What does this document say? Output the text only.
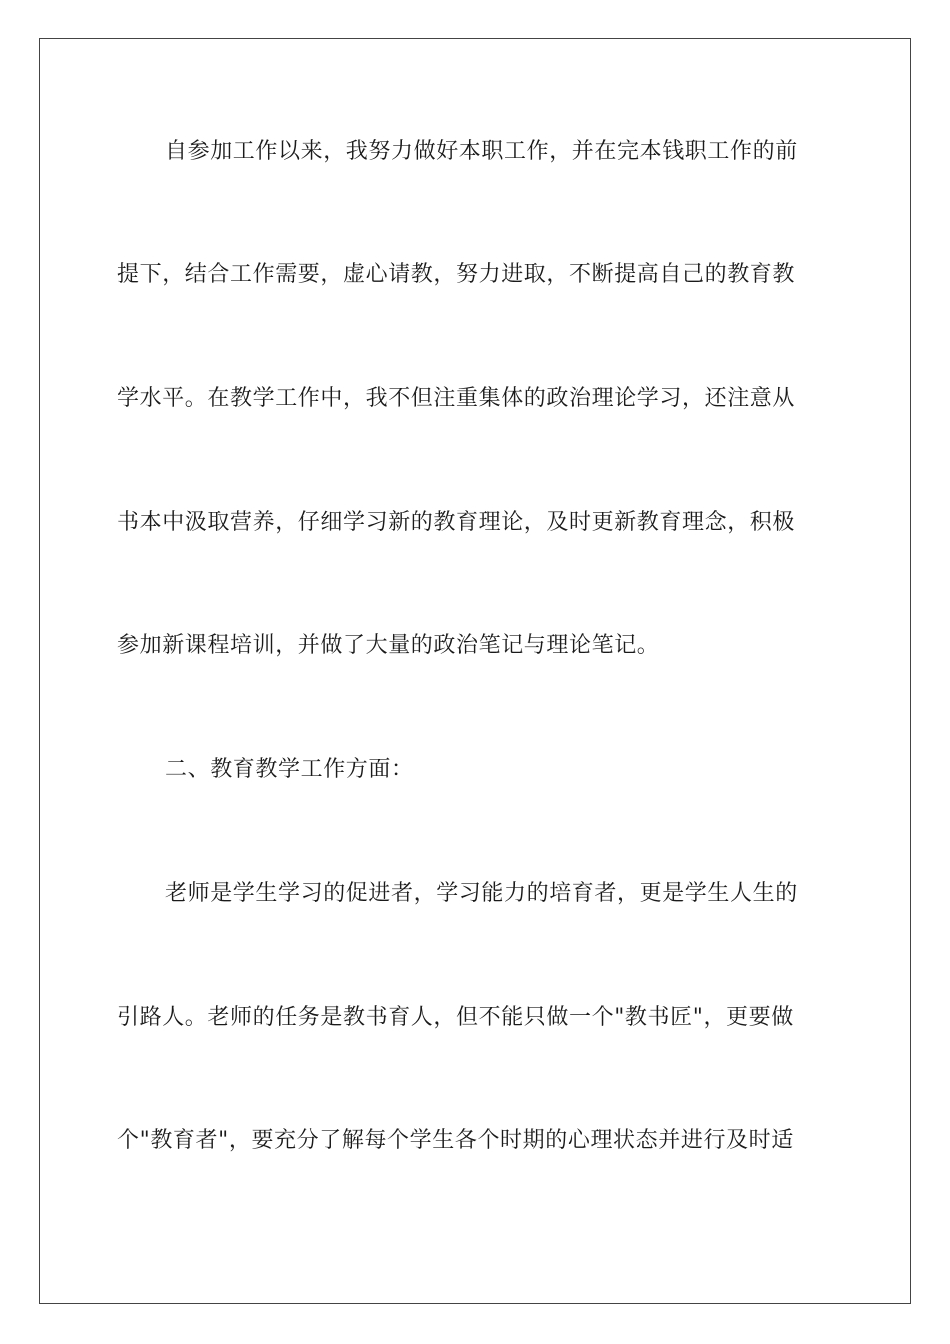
自参加工作以来，我努力做好本职工作，并在完本钱职工作的前
提下，结合工作需要，虚心请教，努力进取，不断提高自己的教育教
学水平。在教学工作中，我不但注重集体的政治理论学习，还注意从
书本中汲取营养，仔细学习新的教育理论，及时更新教育理念，积极
参加新课程培训，并做了大量的政治笔记与理论笔记。
二、教育教学工作方面：
老师是学生学习的促进者，学习能力的培育者，更是学生人生的
引路人。老师的任务是教书育人，但不能只做一个"教书匠"，更要做
个"教育者"，要充分了解每个学生各个时期的心理状态并进行及时适
